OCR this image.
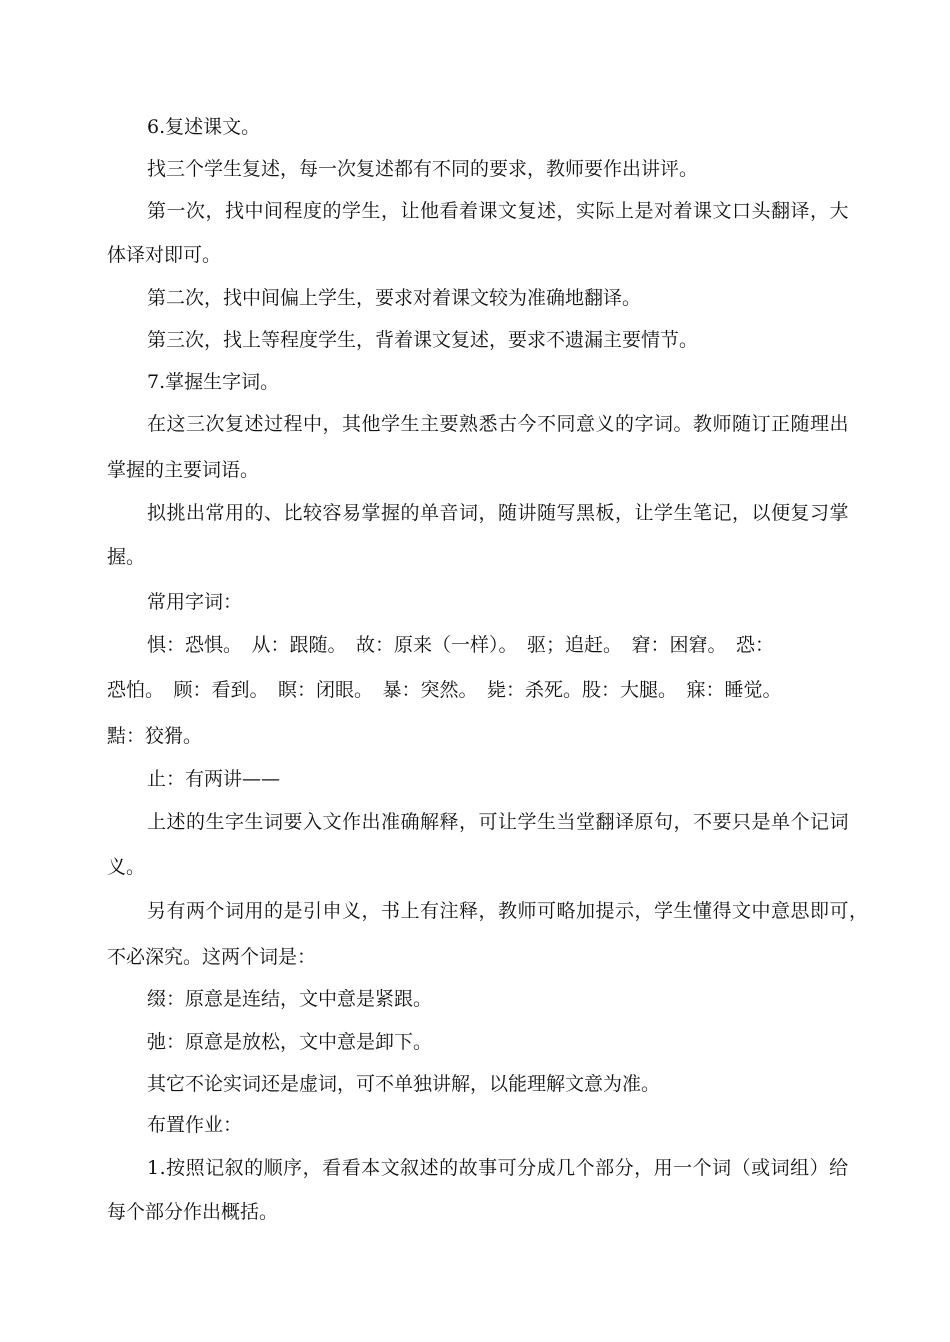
6.复述课文。
找三个学生复述，每一次复述都有不同的要求，教师要作出讲评。
第一次，找中间程度的学生，让他看着课文复述，实际上是对着课文口头翻译，大
体译对即可。
第二次，找中间偏上学生，要求对着课文较为准确地翻译。
第三次，找上等程度学生，背着课文复述，要求不遗漏主要情节。
7.掌握生字词。
在这三次复述过程中，其他学生主要熟悉古今不同意义的字词。教师随订正随理出
掌握的主要词语。
拟挑出常用的、比较容易掌握的单音词，随讲随写黑板，让学生笔记，以便复习掌
握。
常用字词：
惧：恐惧。　从：跟随。　故：原来（一样）。　驱；追赶。　窘：困窘。　恐：
恐怕。　顾：看到。　瞑：闭眼。　暴：突然。　毙：杀死。股：大腿。　寐：睡觉。
黠：狡猾。
止：有两讲——
上述的生字生词要入文作出准确解释，可让学生当堂翻译原句，不要只是单个记词
义。
另有两个词用的是引申义，书上有注释，教师可略加提示，学生懂得文中意思即可，
不必深究。这两个词是：
缀：原意是连结，文中意是紧跟。
弛：原意是放松，文中意是卸下。
其它不论实词还是虚词，可不单独讲解，以能理解文意为准。
布置作业：
1.按照记叙的顺序，看看本文叙述的故事可分成几个部分，用一个词（或词组）给
每个部分作出概括。
